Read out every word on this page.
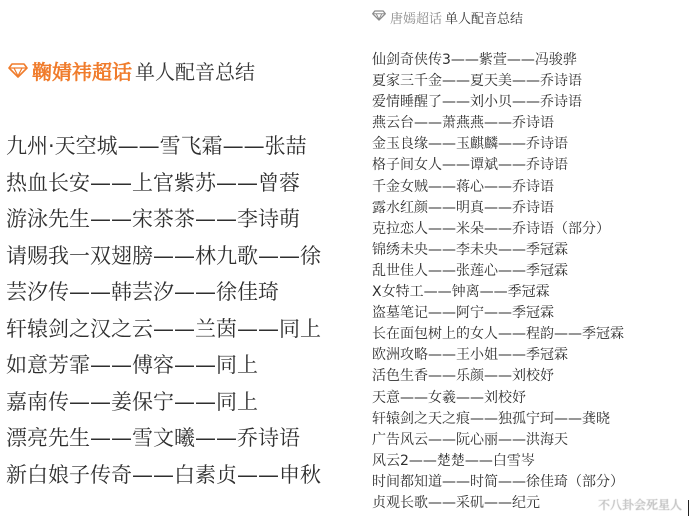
鞠婧祎超话 单人配音总结
九州·天空城——雪飞霜——张喆
热血长安——上官紫苏——曾蓉
游泳先生——宋茶茶——李诗萌
请赐我一双翅膀——林九歌——徐
芸汐传——韩芸汐——徐佳琦
轩辕剑之汉之云——兰茵——同上
如意芳霏——傅容——同上
嘉南传——姜保宁——同上
漂亮先生——雪文曦——乔诗语
新白娘子传奇——白素贞——申秋
唐嫣超话 单人配音总结
仙剑奇侠传3——紫萱——冯骏骅
夏家三千金——夏天美——乔诗语
爱情睡醒了——刘小贝——乔诗语
燕云台——萧燕燕——乔诗语
金玉良缘——玉麒麟——乔诗语
格子间女人——谭斌——乔诗语
千金女贼——蒋心——乔诗语
露水红颜——明真——乔诗语
克拉恋人——米朵——乔诗语（部分）
锦绣未央——李未央——季冠霖
乱世佳人——张莲心——季冠霖
X女特工——钟离——季冠霖
盗墓笔记——阿宁——季冠霖
长在面包树上的女人——程韵——季冠霖
欧洲攻略——王小姐——季冠霖
活色生香——乐颜——刘校妤
天意——女羲——刘校妤
轩辕剑之天之痕——独孤宁珂——龚晓
广告风云——阮心丽——洪海天
风云2——楚楚——白雪岑
时间都知道——时简——徐佳琦（部分）
贞观长歌——采矶——纪元	不八卦会死星人
